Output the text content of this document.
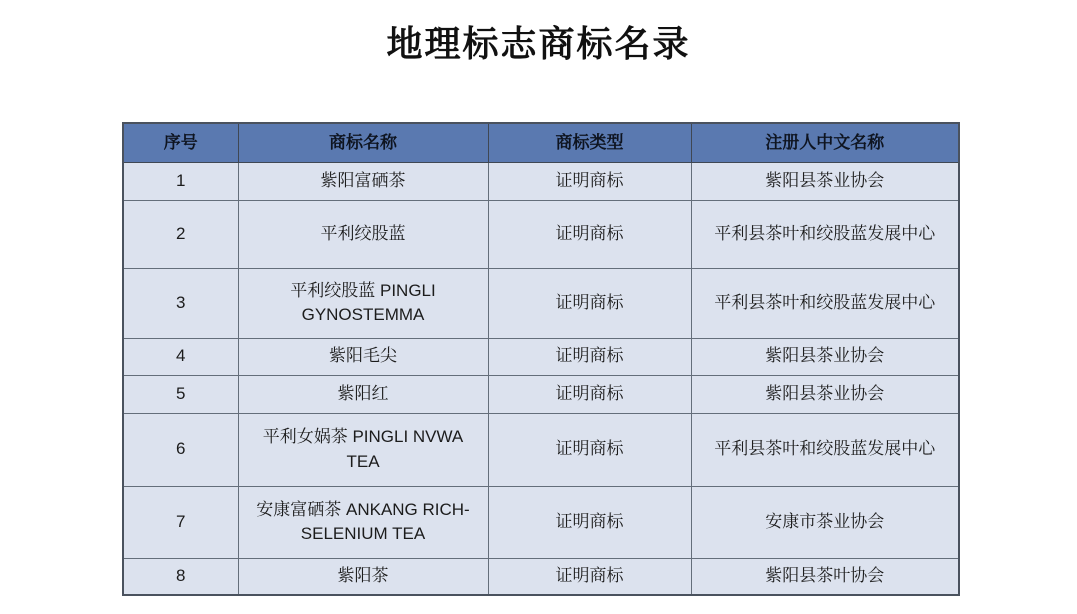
地理标志商标名录
序号	商标名称	商标类型	注册人中文名称
1	紫阳富硒茶	证明商标	紫阳县茶业协会
2	平利绞股蓝	证明商标	平利县茶叶和绞股蓝发展中心
3	平利绞股蓝 PINGLI GYNOSTEMMA	证明商标	平利县茶叶和绞股蓝发展中心
4	紫阳毛尖	证明商标	紫阳县茶业协会
5	紫阳红	证明商标	紫阳县茶业协会
6	平利女娲茶 PINGLI NVWA TEA	证明商标	平利县茶叶和绞股蓝发展中心
7	安康富硒茶 ANKANG RICH-SELENIUM TEA	证明商标	安康市茶业协会
8	紫阳茶	证明商标	紫阳县茶叶协会
